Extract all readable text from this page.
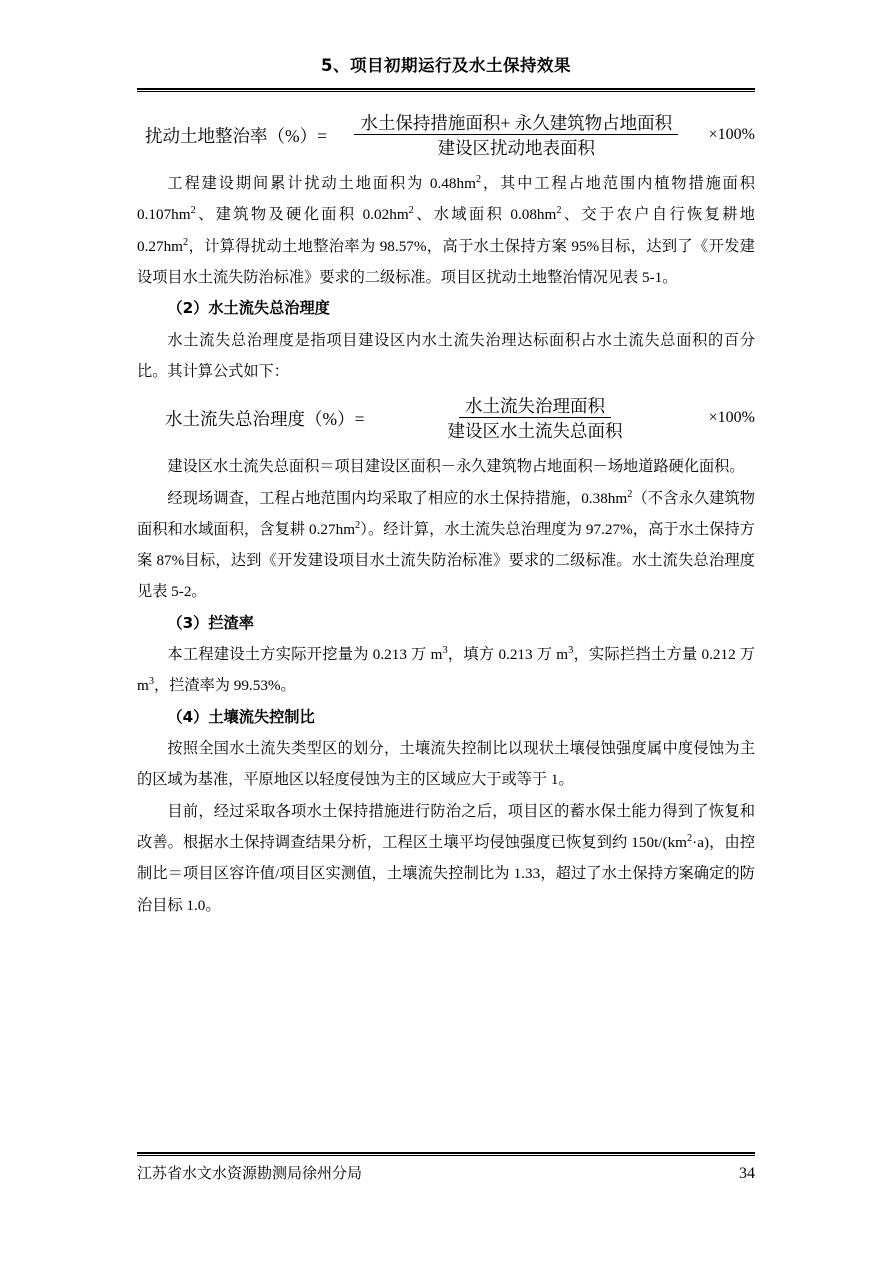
5、项目初期运行及水土保持效果
扰动土地整治率（%）= $\frac{\text{水土保持措施面积+ 永久建筑物占地面积}}{\text{建设区扰动地表面积}} \times 100\%$

工程建设期间累计扰动土地面积为 $0.48hm^2$，其中工程占地范围内植物措施面积 $0.107hm^2$、建筑物及硬化面积 $0.02hm^2$、水域面积 $0.08hm^2$、交于农户自行恢复耕地 $0.27hm^2$，计算得扰动土地整治率为 98.57%，高于水土保持方案 95%目标，达到了《开发建设项目水土流失防治标准》要求的二级标准。项目区扰动土地整治情况见表 5-1。

（2）水土流失总治理度

水土流失总治理度是指项目建设区内水土流失治理达标面积占水土流失总面积的百分比。其计算公式如下：

水土流失总治理度（%）= $\frac{\text{水土流失治理面积}}{\text{建设区水土流失总面积}} \times 100\%$

建设区水土流失总面积＝项目建设区面积－永久建筑物占地面积－场地道路硬化面积。

经现场调查，工程占地范围内均采取了相应的水土保持措施，$0.38hm^2$（不含永久建筑物面积和水域面积，含复耕 $0.27hm^2$）。经计算，水土流失总治理度为 97.27%，高于水土保持方案 87%目标，达到《开发建设项目水土流失防治标准》要求的二级标准。水土流失总治理度见表 5-2。

（3）拦渣率

本工程建设土方实际开挖量为 0.213 万 $m^3$，填方 0.213 万 $m^3$，实际拦挡土方量 0.212 万 $m^3$，拦渣率为 99.53%。

（4）土壤流失控制比

按照全国水土流失类型区的划分，土壤流失控制比以现状土壤侵蚀强度属中度侵蚀为主的区域为基准，平原地区以轻度侵蚀为主的区域应大于或等于 1。

目前，经过采取各项水土保持措施进行防治之后，项目区的蓄水保土能力得到了恢复和改善。根据水土保持调查结果分析，工程区土壤平均侵蚀强度已恢复到约 $150t/(km^2\cdot a)$，由控制比＝项目区容许值/项目区实测值，土壤流失控制比为 1.33，超过了水土保持方案确定的防治目标 1.0。

江苏省水文水资源勘测局徐州分局	34
